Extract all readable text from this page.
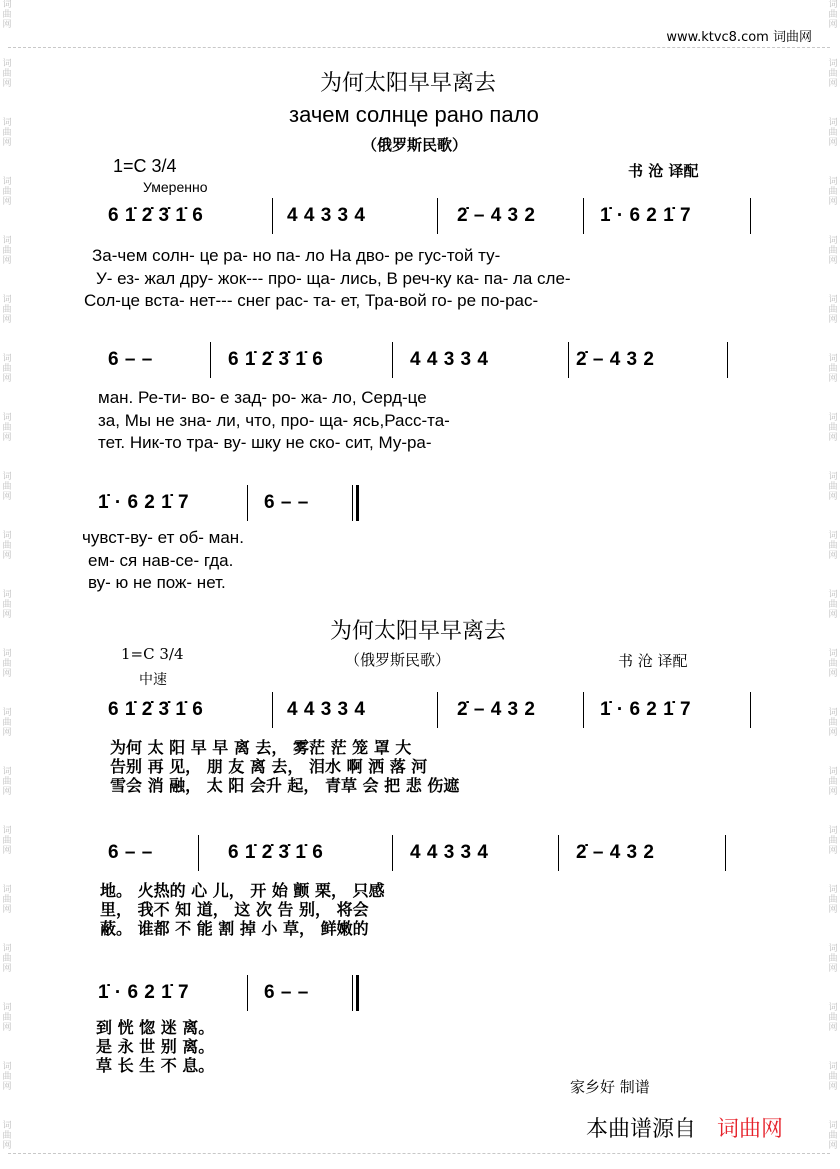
词
曲
网
词
曲
网
词
曲
网
词
曲
网
词
曲
网
词
曲
网
词
曲
网
词
曲
网
词
曲
网
词
曲
网
词
曲
网
词
曲
网
词
曲
网
词
曲
网
词
曲
网
词
曲
网
词
曲
网
词
曲
网
词
曲
网
词
曲
网
词
曲
网
词
曲
网
词
曲
网
词
曲
网
词
曲
网
词
曲
网
词
曲
网
词
曲
网
词
曲
网
词
曲
网
词
曲
网
词
曲
网
词
曲
网
词
曲
网
词
曲
网
词
曲
网
词
曲
网
词
曲
网
词
曲
网
词
曲
网
www.ktvc8.com 词曲网
为何太阳早早离去
зачем солнце рано пало
（俄罗斯民歌）
1=C 3/4
Умеренно
书 沧 译配
6 1̇ 2̇ 3̇ 1̇ 6	4 4 3 3 4	2̇ – 4 3 2	1̇ · 6 2 1̇ 7
За-чем солн- це ра- но па- ло На дво- ре гус-той ту-
У- ез- жал дру- жок--- про- ща- лись, В реч-ку ка- па- ла сле-
Сол-це вста- нет--- снег рас- та- ет, Тра-вой го- ре по-рас-
6 – –	6 1̇ 2̇ 3̇ 1̇ 6	4 4 3 3 4	2̇ – 4 3 2
ман. Ре-ти- во- е зад- ро- жа- ло, Серд-це
за, Мы не зна- ли, что, про- ща- ясь,Расс-та-
тет. Ник-то тра- ву- шку не ско- сит, Му-ра-
1̇ · 6 2 1̇ 7	6 – –
чувст-ву- ет об- ман.
ем- ся нав-се- гда.
ву- ю не пож- нет.
为何太阳早早离去
1=C 3/4	（俄罗斯民歌）	书 沧 译配
中速
6 1̇ 2̇ 3̇ 1̇ 6	4 4 3 3 4	2̇ – 4 3 2	1̇ · 6 2 1̇ 7
为何 太 阳 早 早 离 去， 雾茫 茫 笼 罩 大
告别 再 见， 朋 友 离 去， 泪水 啊 洒 落 河
雪会 消 融， 太 阳 会升 起， 青草 会 把 悲 伤遮
6 – –	6 1̇ 2̇ 3̇ 1̇ 6	4 4 3 3 4	2̇ – 4 3 2
地。 火热的 心 儿， 开 始 颤 栗， 只感
里， 我不 知 道， 这 次 告 别， 将会
蔽。 谁都 不 能 割 掉 小 草， 鲜嫩的
1̇ · 6 2 1̇ 7	6 – –
到 恍 惚 迷 离。
是 永 世 别 离。
草 长 生 不 息。
家乡好 制谱
本曲谱源自 词曲网
